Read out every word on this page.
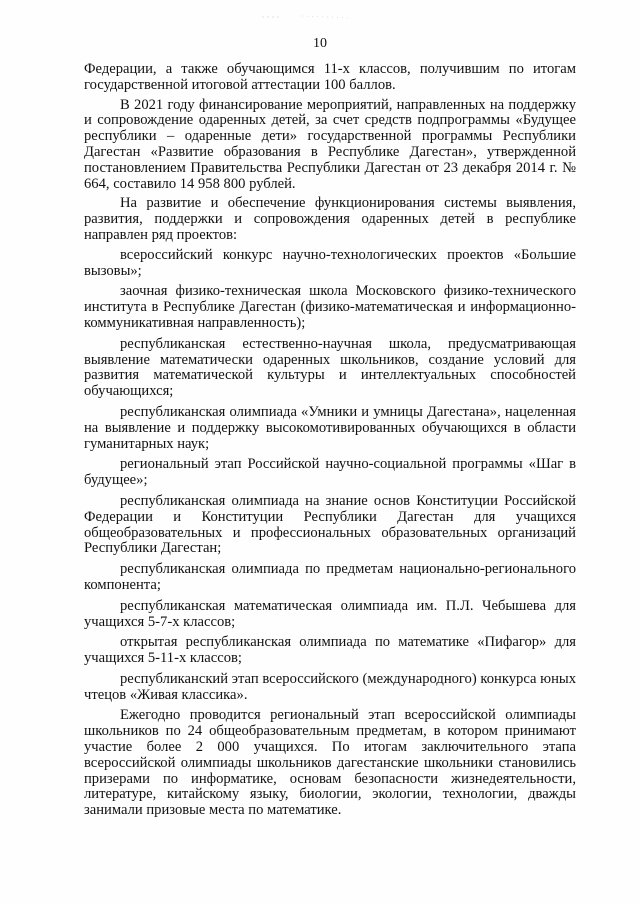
10

Федерации, а также обучающимся 11-х классов, получившим по итогам государственной итоговой аттестации 100 баллов.

В 2021 году финансирование мероприятий, направленных на поддержку и сопровождение одаренных детей, за счет средств подпрограммы «Будущее республики – одаренные дети» государственной программы Республики Дагестан «Развитие образования в Республике Дагестан», утвержденной постановлением Правительства Республики Дагестан от 23 декабря 2014 г. № 664, составило 14 958 800 рублей.

На развитие и обеспечение функционирования системы выявления, развития, поддержки и сопровождения одаренных детей в республике направлен ряд проектов:

всероссийский конкурс научно-технологических проектов «Большие вызовы»;

заочная физико-техническая школа Московского физико-технического института в Республике Дагестан (физико-математическая и информационно-коммуникативная направленность);

республиканская естественно-научная школа, предусматривающая выявление математически одаренных школьников, создание условий для развития математической культуры и интеллектуальных способностей обучающихся;

республиканская олимпиада «Умники и умницы Дагестана», нацеленная на выявление и поддержку высокомотивированных обучающихся в области гуманитарных наук;

региональный этап Российской научно-социальной программы «Шаг в будущее»;

республиканская олимпиада на знание основ Конституции Российской Федерации и Конституции Республики Дагестан для учащихся общеобразовательных и профессиональных образовательных организаций Республики Дагестан;

республиканская олимпиада по предметам национально-регионального компонента;

республиканская математическая олимпиада им. П.Л. Чебышева для учащихся 5-7-х классов;

открытая республиканская олимпиада по математике «Пифагор» для учащихся 5-11-х классов;

республиканский этап всероссийского (международного) конкурса юных чтецов «Живая классика».

Ежегодно проводится региональный этап всероссийской олимпиады школьников по 24 общеобразовательным предметам, в котором принимают участие более 2 000 учащихся. По итогам заключительного этапа всероссийской олимпиады школьников дагестанские школьники становились призерами по информатике, основам безопасности жизнедеятельности, литературе, китайскому языку, биологии, экологии, технологии, дважды занимали призовые места по математике.
